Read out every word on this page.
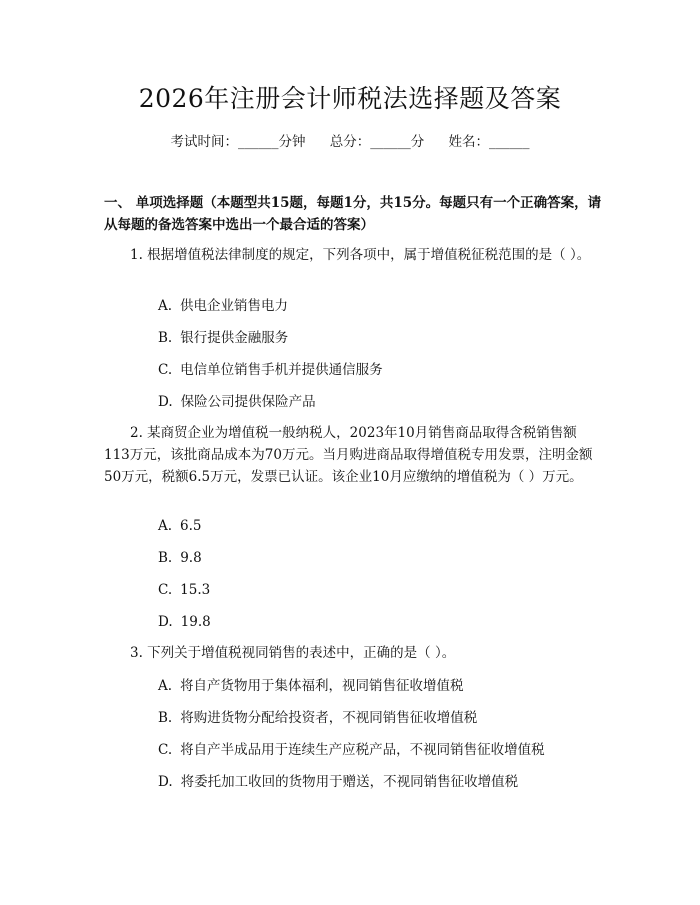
2026年注册会计师税法选择题及答案
考试时间：______分钟 总分：______分 姓名：______
一、 单项选择题（本题型共15题，每题1分，共15分。每题只有一个正确答案，请从每题的备选答案中选出一个最合适的答案）
1. 根据增值税法律制度的规定，下列各项中，属于增值税征税范围的是（ ）。
A. 供电企业销售电力
B. 银行提供金融服务
C. 电信单位销售手机并提供通信服务
D. 保险公司提供保险产品
2. 某商贸企业为增值税一般纳税人，2023年10月销售商品取得含税销售额113万元，该批商品成本为70万元。当月购进商品取得增值税专用发票，注明金额50万元，税额6.5万元，发票已认证。该企业10月应缴纳的增值税为（ ）万元。
A. 6.5
B. 9.8
C. 15.3
D. 19.8
3. 下列关于增值税视同销售的表述中，正确的是（ ）。
A. 将自产货物用于集体福利，视同销售征收增值税
B. 将购进货物分配给投资者，不视同销售征收增值税
C. 将自产半成品用于连续生产应税产品，不视同销售征收增值税
D. 将委托加工收回的货物用于赠送，不视同销售征收增值税
